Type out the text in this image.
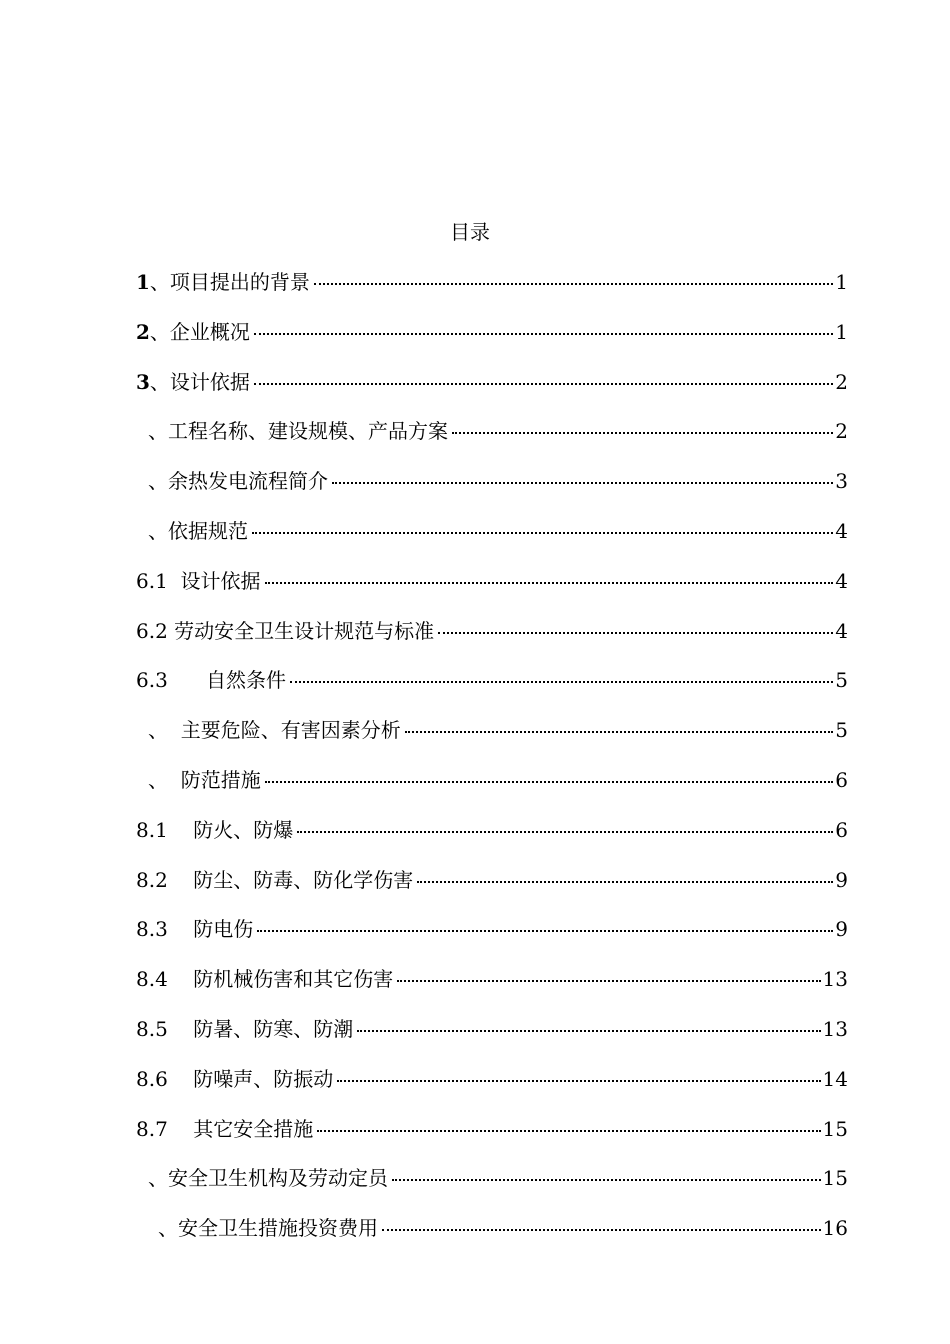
目录
1 、项目提出的背景	1
2 、企业概况	1
3 、设计依据	2
、工程名称、建设规模、产品方案	2
、余热发电流程简介	3
、依据规范	4
6.1 设计依据	4
6.2 劳动安全卫生设计规范与标准	4
6.3 自然条件	5
、  主要危险、有害因素分析	5
、  防范措施	6
8.1 防火、防爆	6
8.2 防尘、防毒、防化学伤害	9
8.3 防电伤	9
8.4 防机械伤害和其它伤害	13
8.5 防暑、防寒、防潮	13
8.6 防噪声、防振动	14
8.7 其它安全措施	15
、安全卫生机构及劳动定员	15
、安全卫生措施投资费用	16
